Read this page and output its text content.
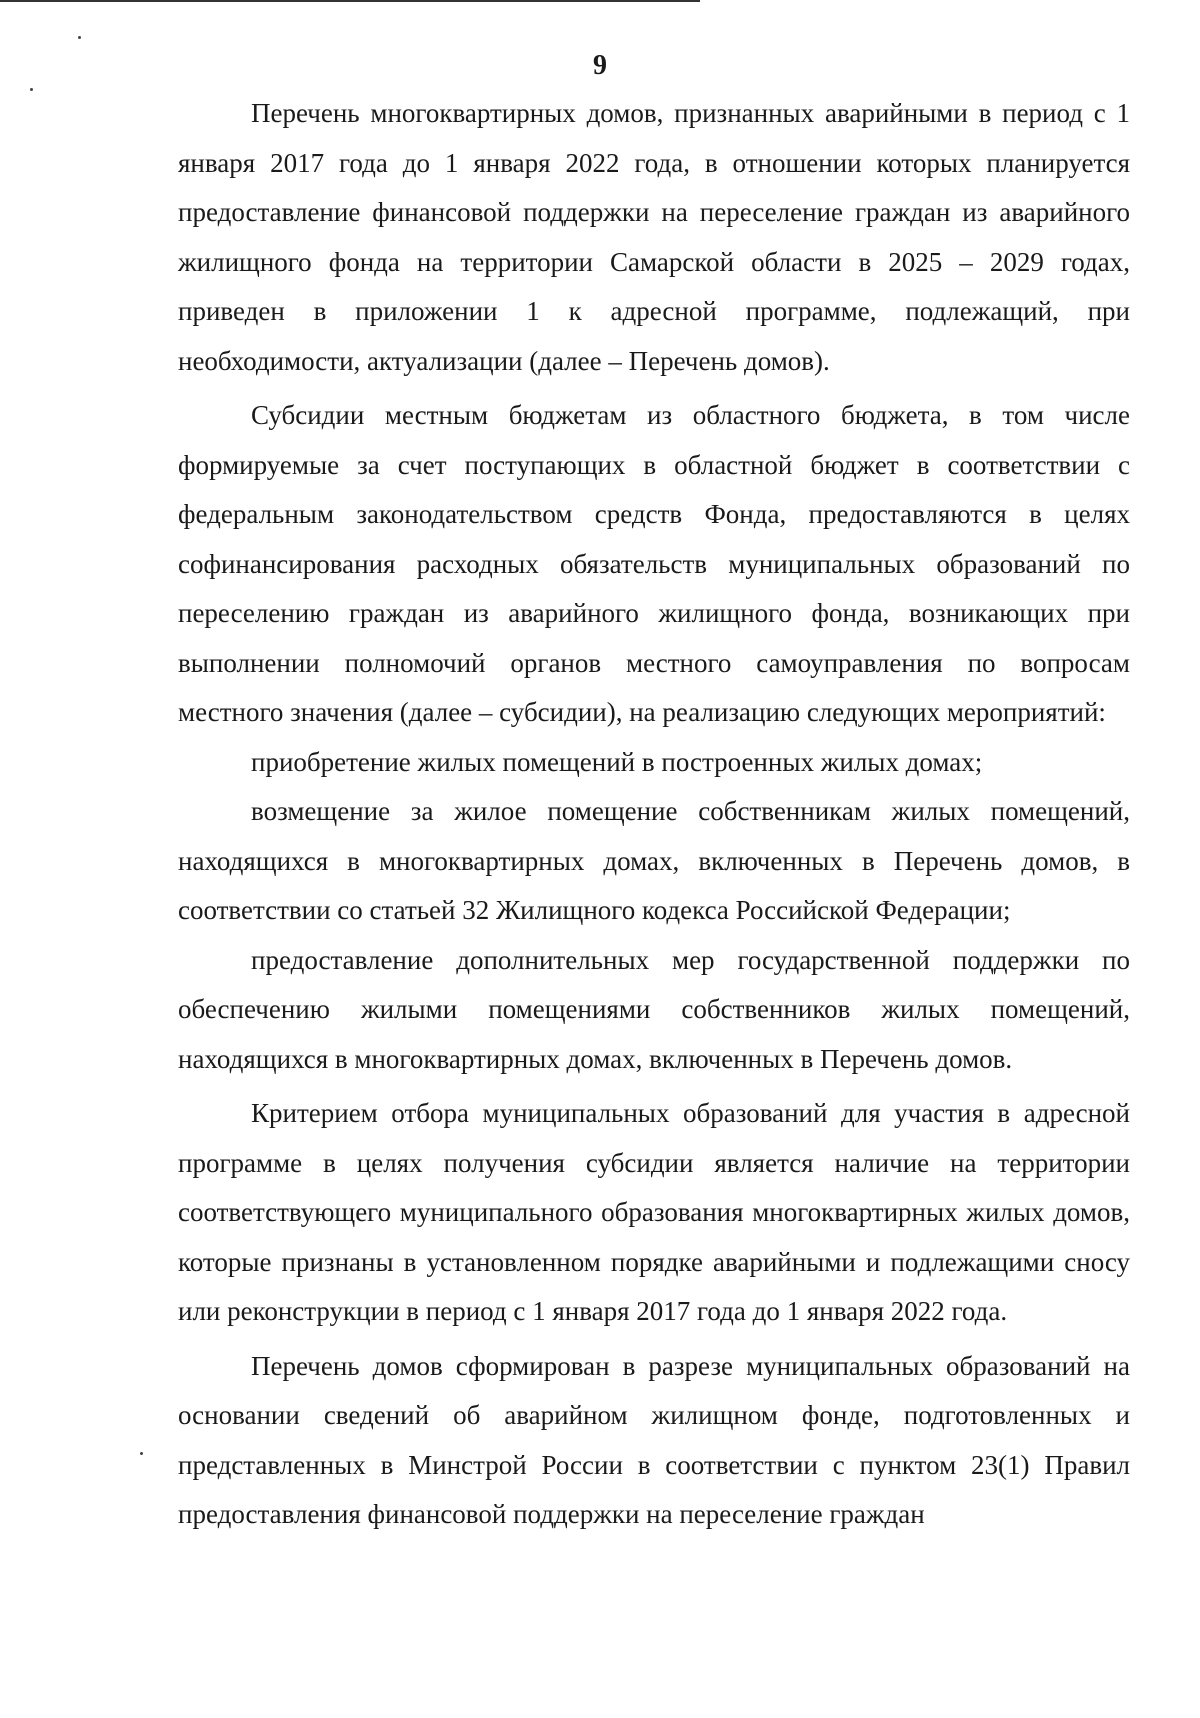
9

Перечень многоквартирных домов, признанных аварийными в период с 1 января 2017 года до 1 января 2022 года, в отношении которых планируется предоставление финансовой поддержки на переселение граждан из аварийного жилищного фонда на территории Самарской области в 2025 – 2029 годах, приведен в приложении 1 к адресной программе, подлежащий, при необходимости, актуализации (далее – Перечень домов).

Субсидии местным бюджетам из областного бюджета, в том числе формируемые за счет поступающих в областной бюджет в соответствии с федеральным законодательством средств Фонда, предоставляются в целях софинансирования расходных обязательств муниципальных образований по переселению граждан из аварийного жилищного фонда, возникающих при выполнении полномочий органов местного самоуправления по вопросам местного значения (далее – субсидии), на реализацию следующих мероприятий:

приобретение жилых помещений в построенных жилых домах;

возмещение за жилое помещение собственникам жилых помещений, находящихся в многоквартирных домах, включенных в Перечень домов, в соответствии со статьей 32 Жилищного кодекса Российской Федерации;

предоставление дополнительных мер государственной поддержки по обеспечению жилыми помещениями собственников жилых помещений, находящихся в многоквартирных домах, включенных в Перечень домов.

Критерием отбора муниципальных образований для участия в адресной программе в целях получения субсидии является наличие на территории соответствующего муниципального образования многоквартирных жилых домов, которые признаны в установленном порядке аварийными и подлежащими сносу или реконструкции в период с 1 января 2017 года до 1 января 2022 года.

Перечень домов сформирован в разрезе муниципальных образований на основании сведений об аварийном жилищном фонде, подготовленных и представленных в Минстрой России в соответствии с пунктом 23(1) Правил предоставления финансовой поддержки на переселение граждан
